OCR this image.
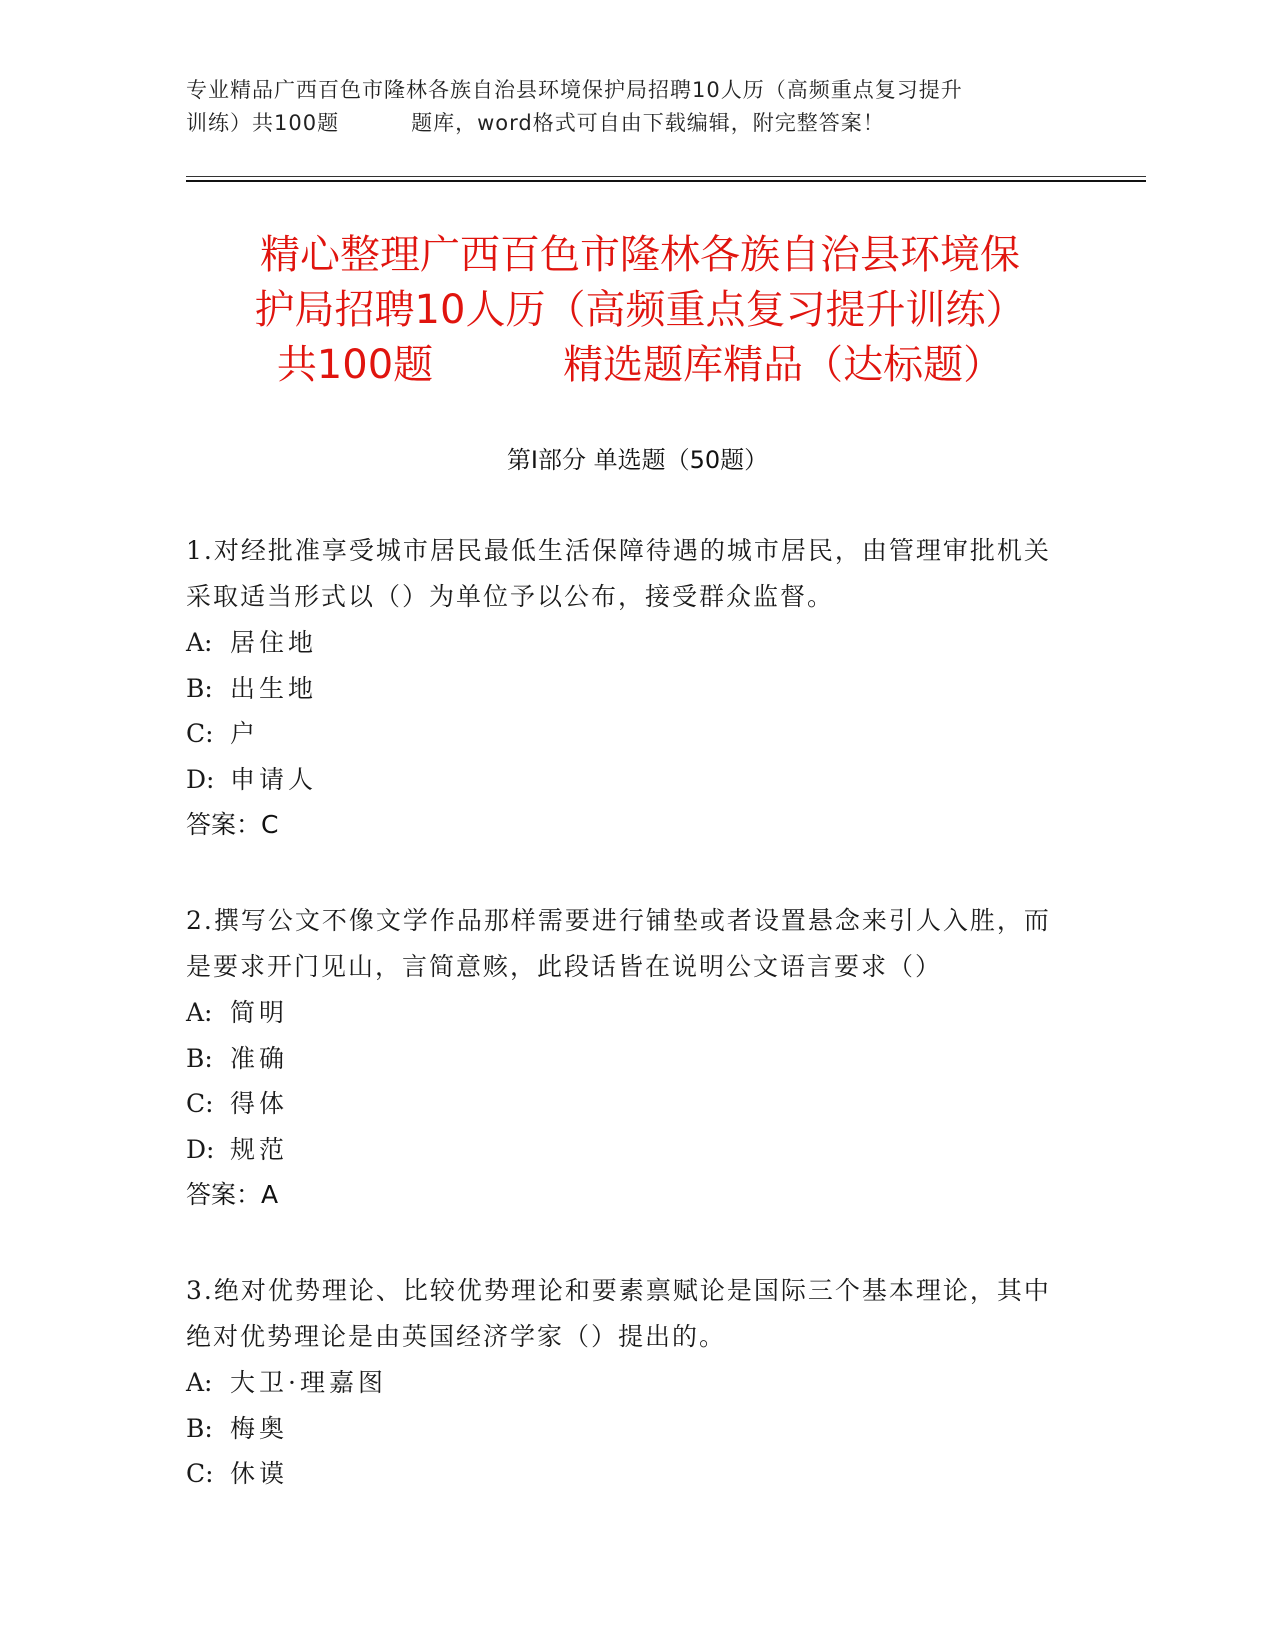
专业精品广西百色市隆林各族自治县环境保护局招聘10人历（高频重点复习提升
训练）共100题	题库，word格式可自由下载编辑，附完整答案！
精心整理广西百色市隆林各族自治县环境保
护局招聘10人历（高频重点复习提升训练）
共100题	精选题库精品（达标题）
第Ⅰ部分 单选题（50题）
1.对经批准享受城市居民最低生活保障待遇的城市居民，由管理审批机关采取适当形式以（）为单位予以公布，接受群众监督。
A: 居住地
B: 出生地
C: 户
D: 申请人
答案：C
2.撰写公文不像文学作品那样需要进行铺垫或者设置悬念来引人入胜，而是要求开门见山，言简意赅，此段话皆在说明公文语言要求（）
A: 简明
B: 准确
C: 得体
D: 规范
答案：A
3.绝对优势理论、比较优势理论和要素禀赋论是国际三个基本理论，其中绝对优势理论是由英国经济学家（）提出的。
A: 大卫·理嘉图
B: 梅奥
C: 休谟
